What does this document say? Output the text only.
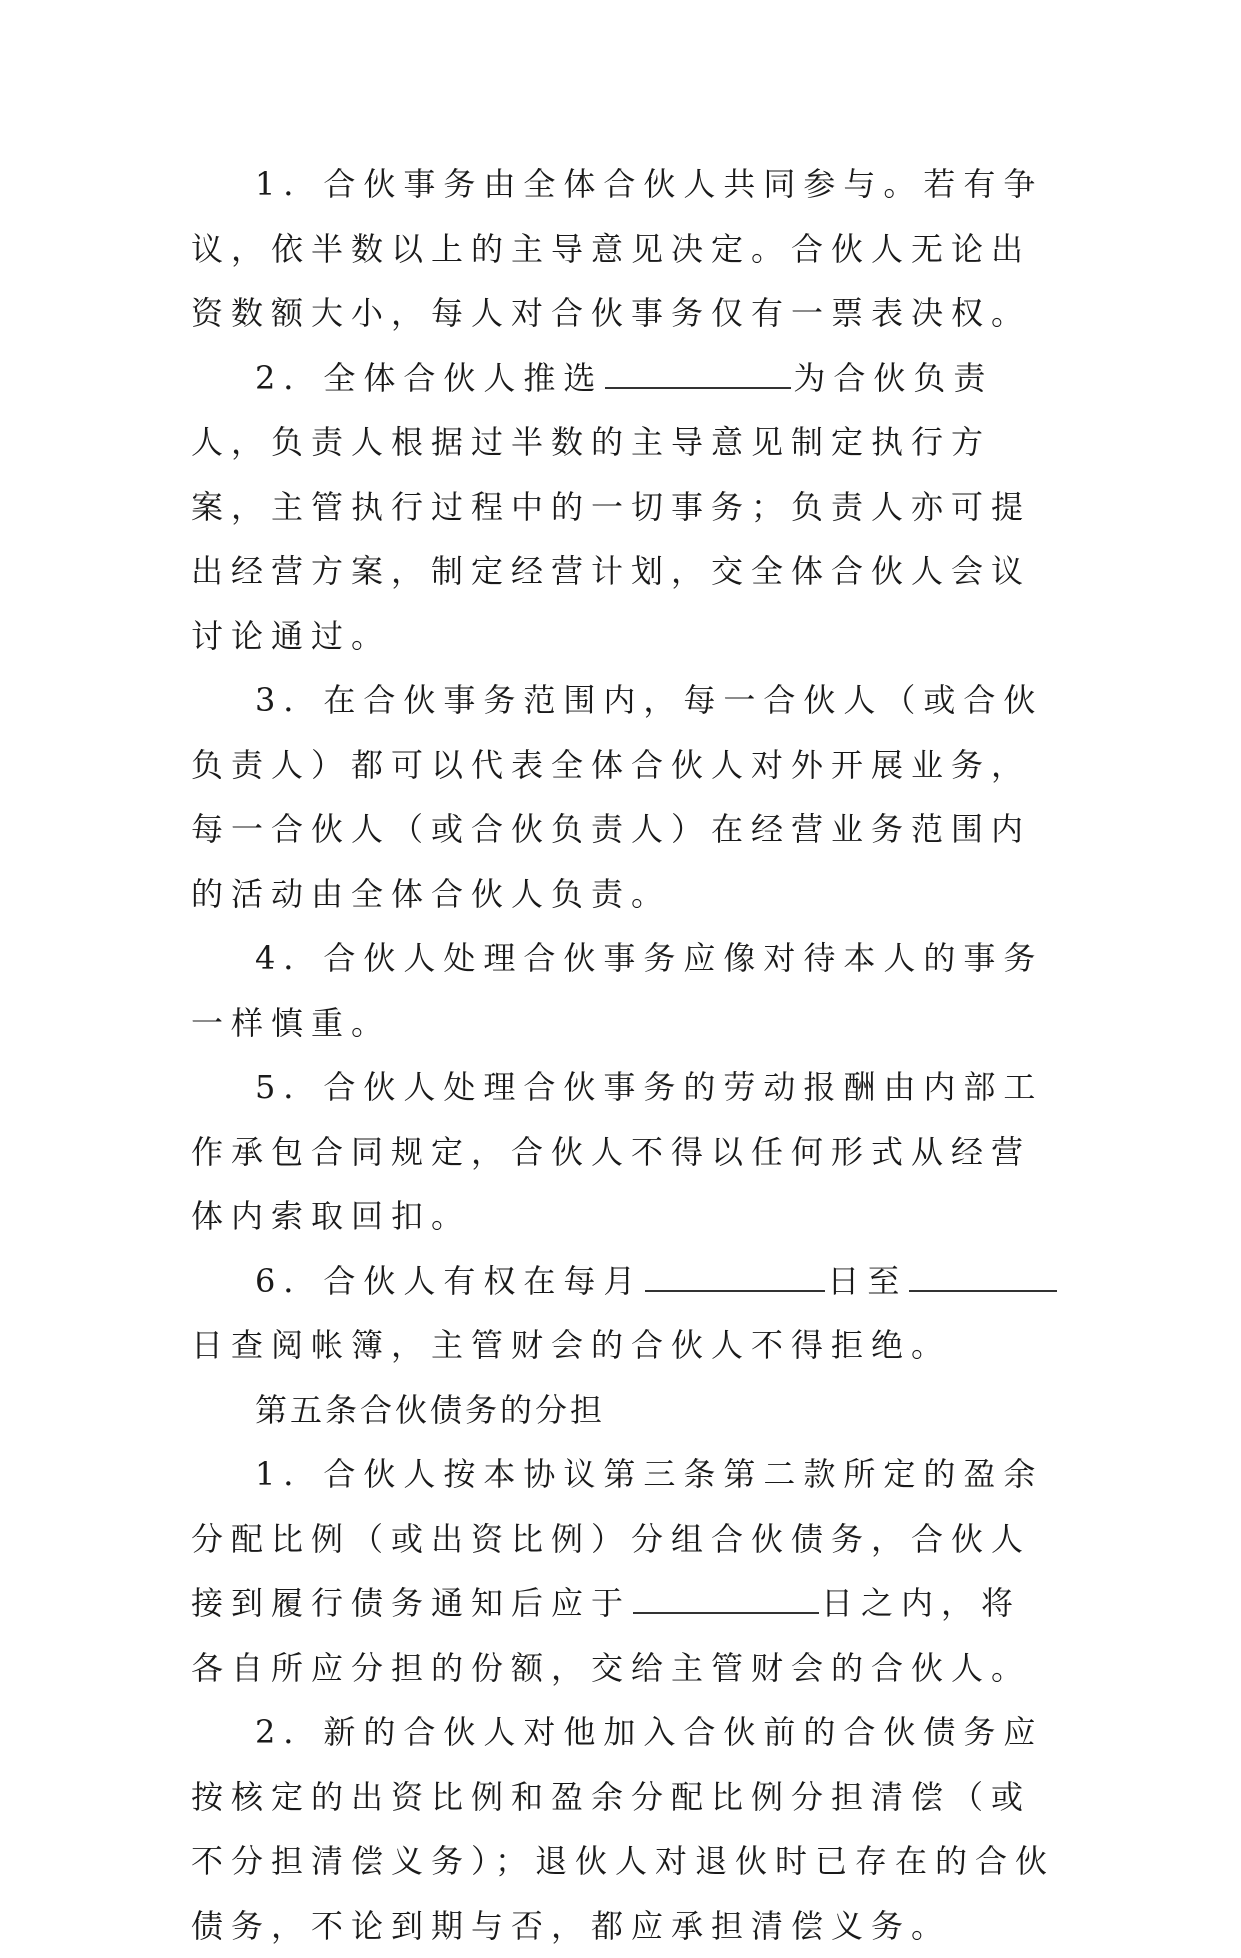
1．合伙事务由全体合伙人共同参与。若有争议，依半数以上的主导意见决定。合伙人无论出资数额大小，每人对合伙事务仅有一票表决权。

2．全体合伙人推选	为合伙负责人，负责人根据过半数的主导意见制定执行方案，主管执行过程中的一切事务；负责人亦可提出经营方案，制定经营计划，交全体合伙人会议讨论通过。

3．在合伙事务范围内，每一合伙人（或合伙负责人）都可以代表全体合伙人对外开展业务，每一合伙人（或合伙负责人）在经营业务范围内的活动由全体合伙人负责。

4．合伙人处理合伙事务应像对待本人的事务一样慎重。

5．合伙人处理合伙事务的劳动报酬由内部工作承包合同规定，合伙人不得以任何形式从经营体内索取回扣。

6．合伙人有权在每月	日至日查阅帐簿，主管财会的合伙人不得拒绝。

第五条合伙债务的分担

1．合伙人按本协议第三条第二款所定的盈余分配比例（或出资比例）分组合伙债务，合伙人接到履行债务通知后应于	日之内，将各自所应分担的份额，交给主管财会的合伙人。

2．新的合伙人对他加入合伙前的合伙债务应按核定的出资比例和盈余分配比例分担清偿（或不分担清偿义务）；退伙人对退伙时已存在的合伙债务，不论到期与否，都应承担清偿义务。
